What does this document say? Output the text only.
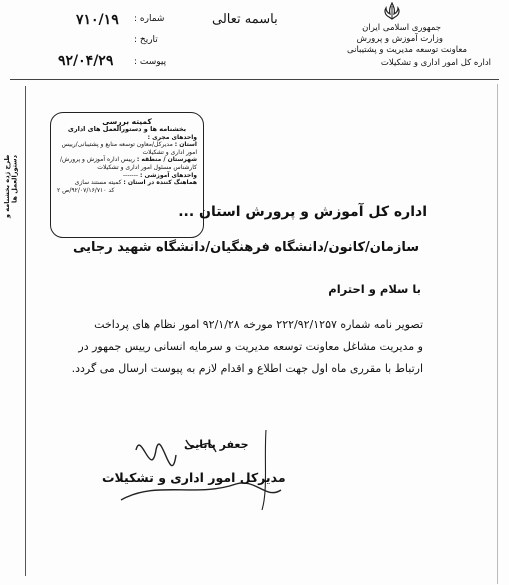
جمهوری اسلامی ایران
وزارت آموزش و پرورش
معاونت توسعه مدیریت و پشتیبانی
اداره کل امور اداری و تشکیلات
باسمه تعالی
شماره :
۷۱۰/۱۹
تاریخ :
پیوست :
۹۲/۰۴/۲۹
طرح ژده بخشنامه و دستورالعمل ها
کمیته بررسی
بخشنامه ها و دستورالعمل های اداری
واحدهای مجری :
استان : مدیرکل/معاون توسعه منابع و پشتیبانی/رییس امور اداری و تشکیلات
شهرستان / منطقه : رییس اداره آموزش و پرورش/ کارشناس مسئول امور اداری و تشکیلات
واحدهای آموزشی : -------
هماهنگ کننده در استان : کمیته مستند سازی
کد ۹۲/۰۷/۱۶/۷۱۰/ص ۲
اداره کل آموزش و پرورش استان ...
سازمان/کانون/دانشگاه فرهنگیان/دانشگاه شهید رجایی
با سلام و احترام
تصویر نامه شماره ۲۲۲/۹۲/۱۲۵۷ مورخه ۹۲/۱/۲۸ امور نظام های پرداخت
و مدیریت مشاغل معاونت توسعه مدیریت و سرمایه انسانی رییس جمهور در
ارتباط با مقرری ماه اول جهت اطلاع و اقدام لازم به پیوست ارسال می گردد.
جعفر بابایی
مدیرکل امور اداری و تشکیلات
